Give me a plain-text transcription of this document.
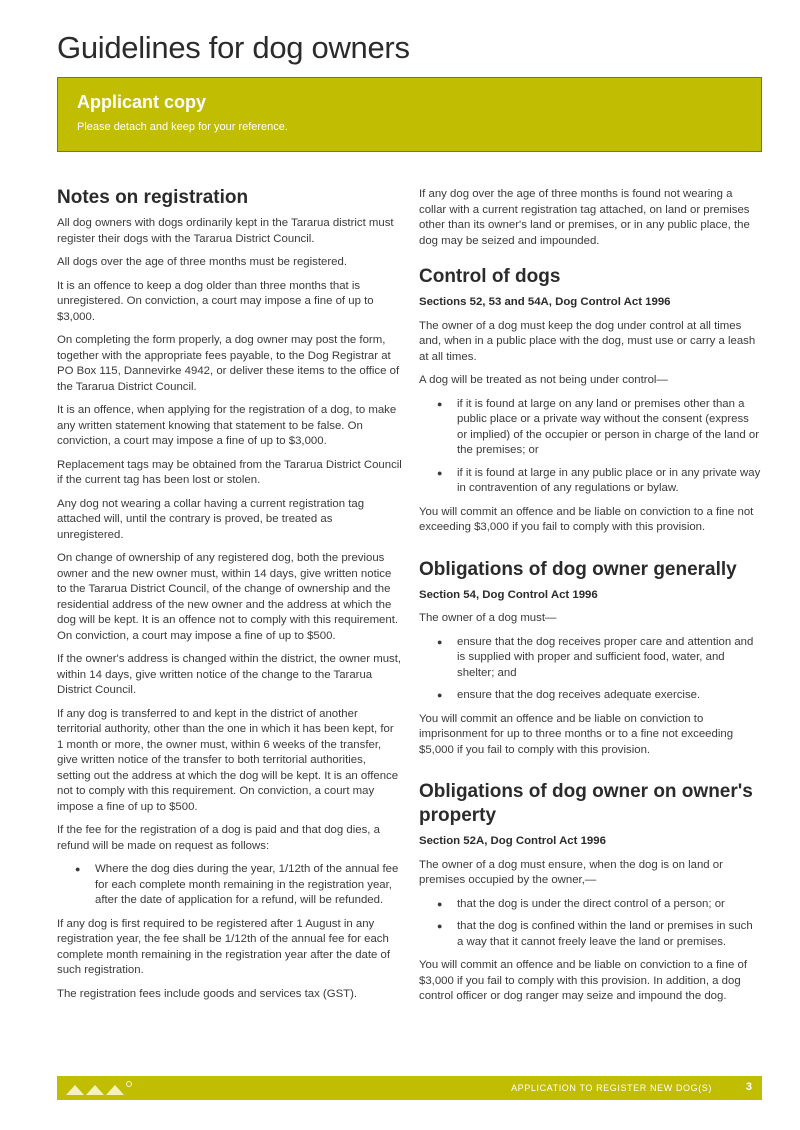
Guidelines for dog owners
Applicant copy

Please detach and keep for your reference.

Notes on registration

All dog owners with dogs ordinarily kept in the Tararua district must register their dogs with the Tararua District Council.

All dogs over the age of three months must be registered.

It is an offence to keep a dog older than three months that is unregistered. On conviction, a court may impose a fine of up to $3,000.

On completing the form properly, a dog owner may post the form, together with the appropriate fees payable, to the Dog Registrar at PO Box 115, Dannevirke 4942, or deliver these items to the office of the Tararua District Council.

It is an offence, when applying for the registration of a dog, to make any written statement knowing that statement to be false. On conviction, a court may impose a fine of up to $3,000.

Replacement tags may be obtained from the Tararua District Council if the current tag has been lost or stolen.

Any dog not wearing a collar having a current registration tag attached will, until the contrary is proved, be treated as unregistered.

On change of ownership of any registered dog, both the previous owner and the new owner must, within 14 days, give written notice to the Tararua District Council, of the change of ownership and the residential address of the new owner and the address at which the dog will be kept. It is an offence not to comply with this requirement. On conviction, a court may impose a fine of up to $500.

If the owner's address is changed within the district, the owner must, within 14 days, give written notice of the change to the Tararua District Council.

If any dog is transferred to and kept in the district of another territorial authority, other than the one in which it has been kept, for 1 month or more, the owner must, within 6 weeks of the transfer, give written notice of the transfer to both territorial authorities, setting out the address at which the dog will be kept. It is an offence not to comply with this requirement. On conviction, a court may impose a fine of up to $500.

If the fee for the registration of a dog is paid and that dog dies, a refund will be made on request as follows:

● Where the dog dies during the year, 1/12th of the annual fee for each complete month remaining in the registration year, after the date of application for a refund, will be refunded.

If any dog is first required to be registered after 1 August in any registration year, the fee shall be 1/12th of the annual fee for each complete month remaining in the registration year after the date of such registration.

The registration fees include goods and services tax (GST).

If any dog over the age of three months is found not wearing a collar with a current registration tag attached, on land or premises other than its owner's land or premises, or in any public place, the dog may be seized and impounded.

Control of dogs
Sections 52, 53 and 54A, Dog Control Act 1996

The owner of a dog must keep the dog under control at all times and, when in a public place with the dog, must use or carry a leash at all times.

A dog will be treated as not being under control—

● if it is found at large on any land or premises other than a public place or a private way without the consent (express or implied) of the occupier or person in charge of the land or the premises; or
● if it is found at large in any public place or in any private way in contravention of any regulations or bylaw.

You will commit an offence and be liable on conviction to a fine not exceeding $3,000 if you fail to comply with this provision.

Obligations of dog owner generally
Section 54, Dog Control Act 1996

The owner of a dog must—

● ensure that the dog receives proper care and attention and is supplied with proper and sufficient food, water, and shelter; and
● ensure that the dog receives adequate exercise.

You will commit an offence and be liable on conviction to imprisonment for up to three months or to a fine not exceeding $5,000 if you fail to comply with this provision.

Obligations of dog owner on owner's property
Section 52A, Dog Control Act 1996

The owner of a dog must ensure, when the dog is on land or premises occupied by the owner,—

● that the dog is under the direct control of a person; or
● that the dog is confined within the land or premises in such a way that it cannot freely leave the land or premises.

You will commit an offence and be liable on conviction to a fine of $3,000 if you fail to comply with this provision. In addition, a dog control officer or dog ranger may seize and impound the dog.

APPLICATION TO REGISTER NEW DOG(S)	3
